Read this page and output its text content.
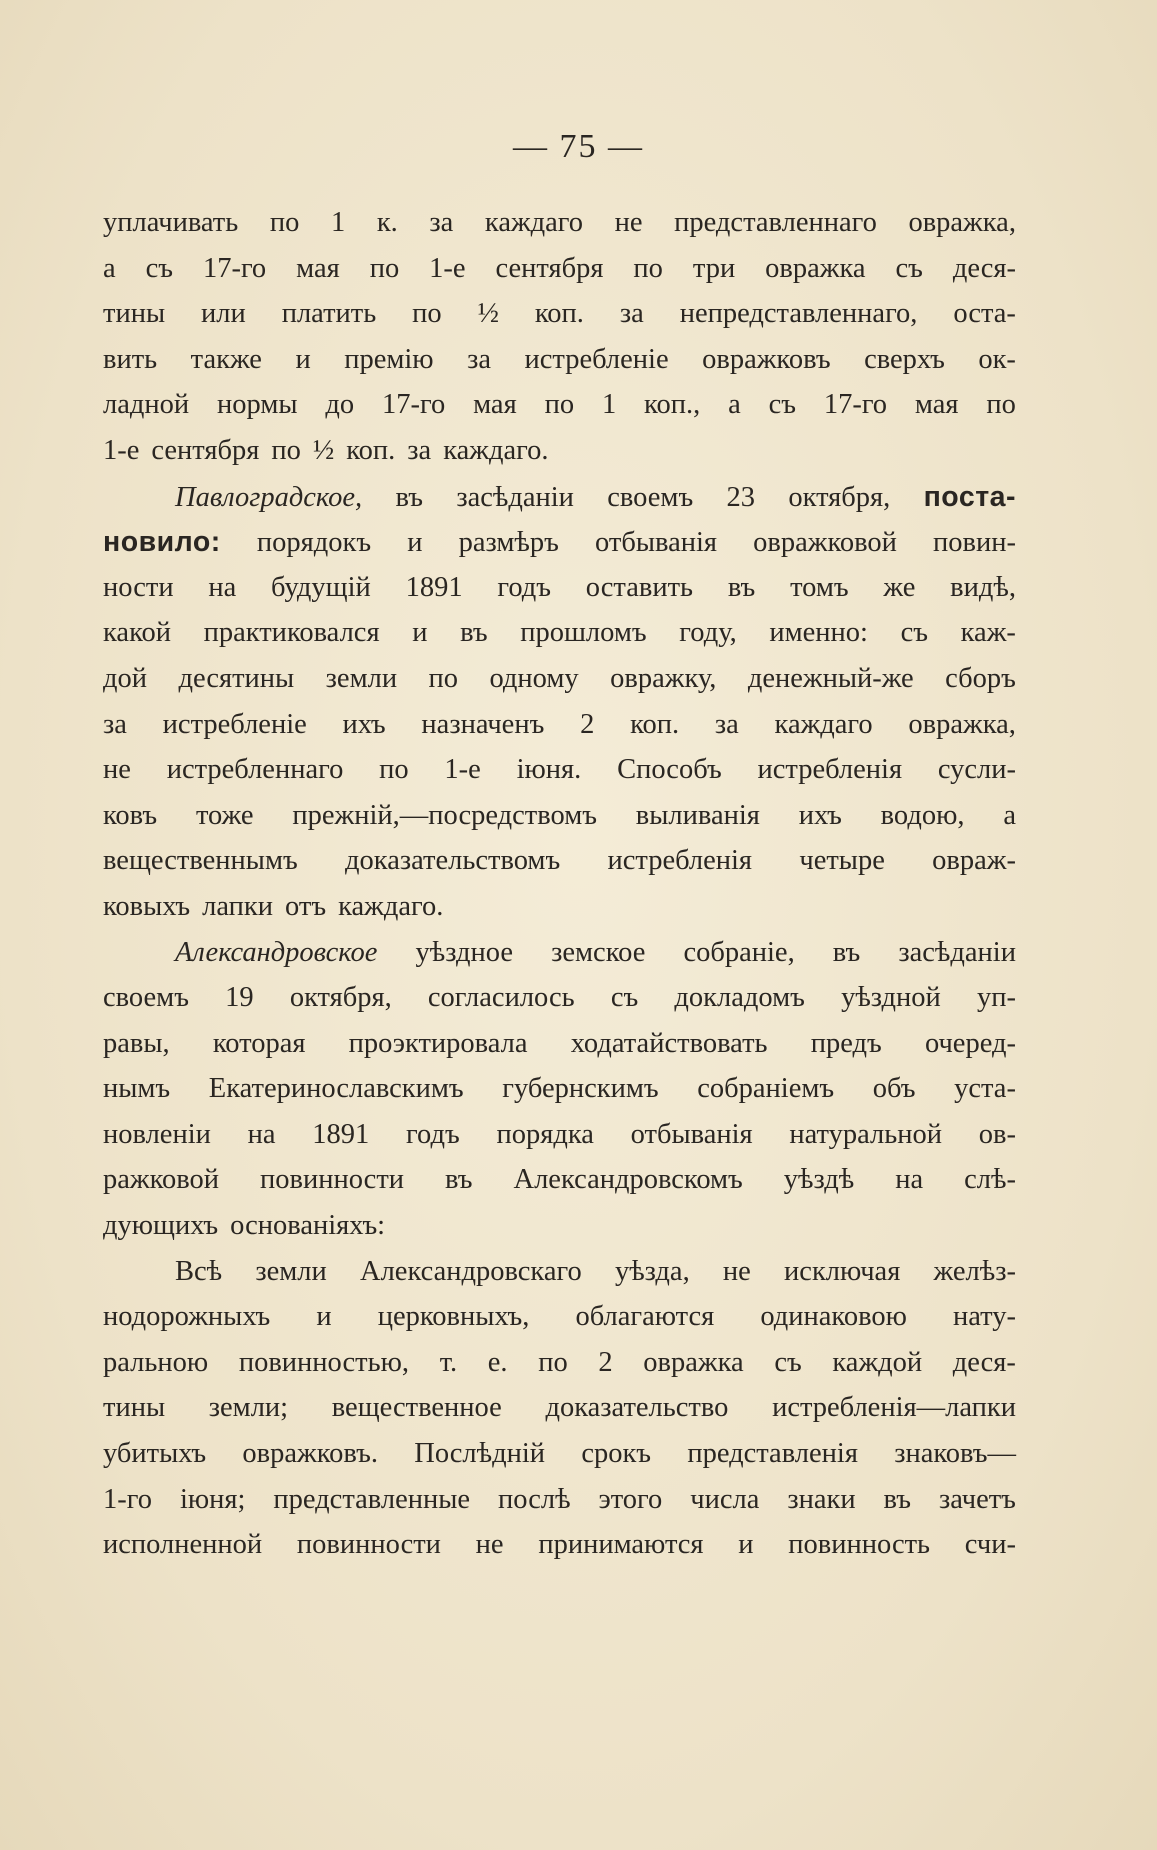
— 75 —
уплачивать по 1 к. за каждаго не представленнаго овражка,
а съ 17-го мая по 1-е сентября по три овражка съ деся-
тины или платить по ½ коп. за непредставленнаго, оста-
вить также и премію за истребленіе овражковъ сверхъ ок-
ладной нормы до 17-го мая по 1 коп., а съ 17-го мая по
1-е сентября по ½ коп. за каждаго.
Павлоградское, въ засѣданіи своемъ 23 октября, поста-
новило: порядокъ и размѣръ отбыванія овражковой повин-
ности на будущій 1891 годъ оставить въ томъ же видѣ,
какой практиковался и въ прошломъ году, именно: съ каж-
дой десятины земли по одному овражку, денежный-же сборъ
за истребленіе ихъ назначенъ 2 коп. за каждаго овражка,
не истребленнаго по 1-е іюня. Способъ истребленія сусли-
ковъ тоже прежній,—посредствомъ выливанія ихъ водою, а
вещественнымъ доказательствомъ истребленія четыре овраж-
ковыхъ лапки отъ каждаго.
Александровское уѣздное земское собраніе, въ засѣданіи
своемъ 19 октября, согласилось съ докладомъ уѣздной уп-
равы, которая проэктировала ходатайствовать предъ очеред-
нымъ Екатеринославскимъ губернскимъ собраніемъ объ уста-
новленіи на 1891 годъ порядка отбыванія натуральной ов-
ражковой повинности въ Александровскомъ уѣздѣ на слѣ-
дующихъ основаніяхъ:
Всѣ земли Александровскаго уѣзда, не исключая желѣз-
нодорожныхъ и церковныхъ, облагаются одинаковою нату-
ральною повинностью, т. е. по 2 овражка съ каждой деся-
тины земли; вещественное доказательство истребленія—лапки
убитыхъ овражковъ. Послѣдній срокъ представленія знаковъ—
1-го іюня; представленные послѣ этого числа знаки въ зачетъ
исполненной повинности не принимаются и повинность счи-
